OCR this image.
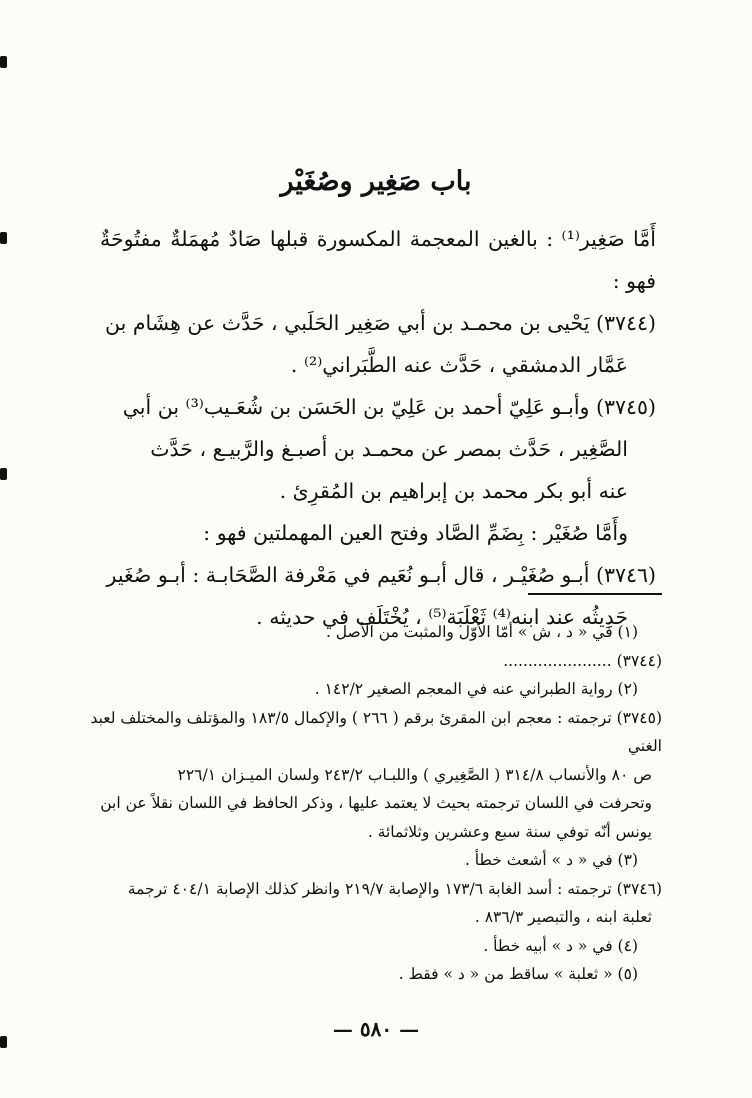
باب صَغِير وصُغَيْر

أَمَّا صَغِير⁽¹⁾ : بالغين المعجمة المكسورة قبلها صَادٌ مُهمَلةٌ مفتُوحَةٌ فهو :

(٣٧٤٤) يَحْيى بن محمـد بن أبي صَغِير الحَلَبي ، حَدَّث عن هِشَام بن

عَمَّار الدمشقي ، حَدَّث عنه الطَّبَراني⁽²⁾ .

(٣٧٤٥) وأبـو عَلِيّ أحمد بن عَلِيّ بن الحَسَن بن شُعَـيب⁽³⁾ بن أبي

الصَّغِير ، حَدَّث بمصر عن محمـد بن أصبـغ والرَّبيـع ، حَدَّث

عنه أبو بكر محمد بن إبراهيم بن المُقرِئ .

وأَمَّا صُغَيْر : بِضَمِّ الصَّاد وفتح العين المهملتين فهو :

(٣٧٤٦) أبـو صُغَيْـر ، قال أبـو نُعَيم في مَعْرفة الصَّحَابـة : أبـو صُغَير

حَدِيثُه عند ابنه⁽⁴⁾ ثَعْلَبَة⁽⁵⁾ ، يُخْتَلَف في حديثه .

(١) في « د ، ش » أمّا الأوّل والمثبت من الأصل .

(٣٧٤٤) ......................

(٢) رواية الطبراني عنه في المعجم الصغير ١٤٢/٢ .

(٣٧٤٥) ترجمته : معجم ابن المقرئ برقم ( ٢٦٦ ) والإكمال ١٨٣/٥ والمؤتلف والمختلف لعبد الغني

ص ٨٠ والأنساب ٣١٤/٨ ( الصَّغِيري ) واللبـاب ٢٤٣/٢ ولسان الميـزان ٢٢٦/١

وتحرفت في اللسان ترجمته بحيث لا يعتمد عليها ، وذكر الحافظ في اللسان نقلاً عن ابن

يونس أنّه توفي سنة سبع وعشرين وثلاثمائة .

(٣) في « د » أشعث خطأ .

(٣٧٤٦) ترجمته : أسد الغابة ١٧٣/٦ والإصابة ٢١٩/٧ وانظر كذلك الإصابة ٤٠٤/١ ترجمة

ثعلبة ابنه ، والتبصير ٨٣٦/٣ .

(٤) في « د » أبيه خطأ .

(٥) « ثعلبة » ساقط من « د » فقط .

— ٥٨٠ —
